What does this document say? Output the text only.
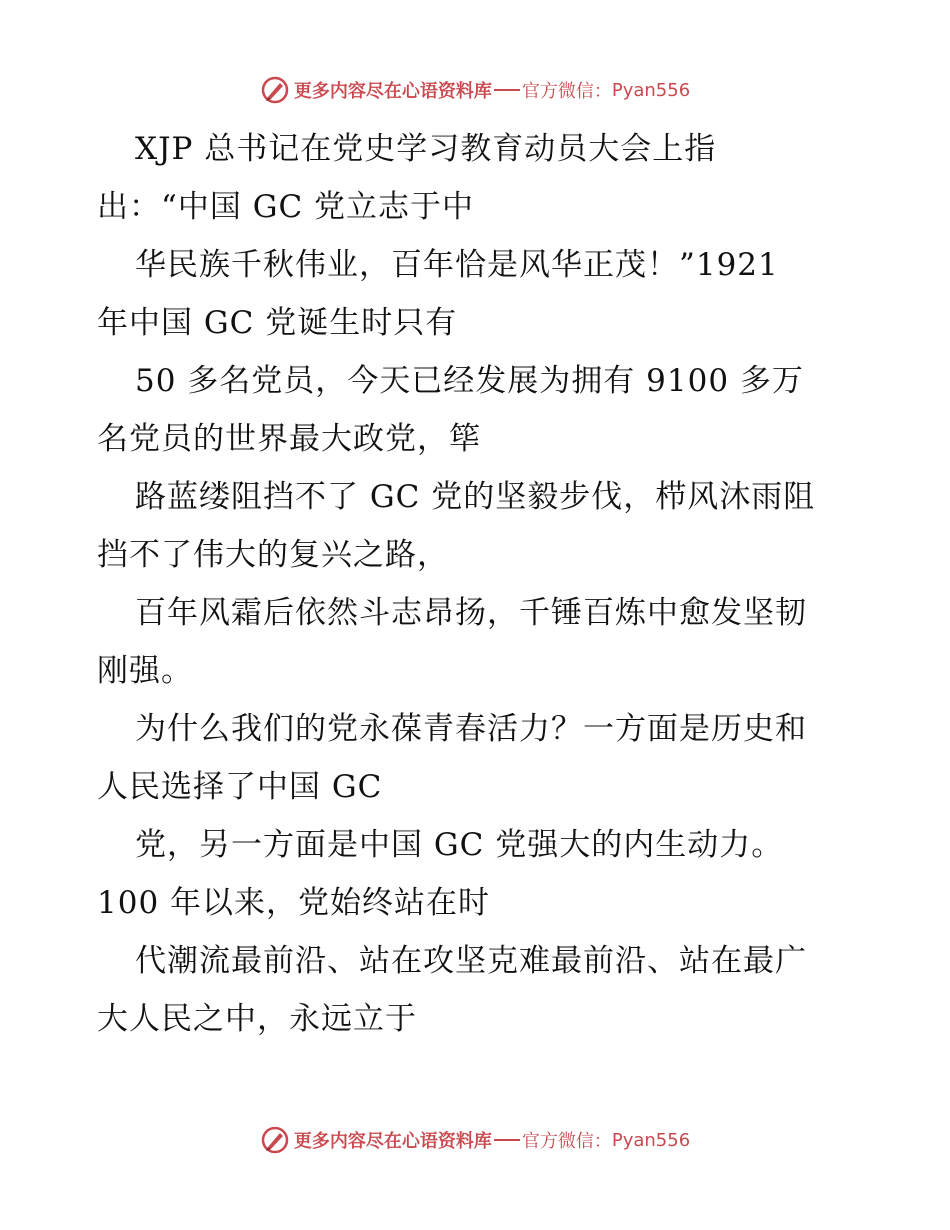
更多内容尽在心语资料库 官方微信： Pyan556
XJP 总书记在党史学习教育动员大会上指
出：“中国 GC 党立志于中
华民族千秋伟业，百年恰是风华正茂！”1921
年中国 GC 党诞生时只有
50 多名党员，今天已经发展为拥有 9100 多万
名党员的世界最大政党，筚
路蓝缕阻挡不了 GC 党的坚毅步伐，栉风沐雨阻
挡不了伟大的复兴之路，
百年风霜后依然斗志昂扬，千锤百炼中愈发坚韧
刚强。
为什么我们的党永葆青春活力？一方面是历史和
人民选择了中国 GC
党，另一方面是中国 GC 党强大的内生动力。
100 年以来，党始终站在时
代潮流最前沿、站在攻坚克难最前沿、站在最广
大人民之中，永远立于
更多内容尽在心语资料库 官方微信： Pyan556
